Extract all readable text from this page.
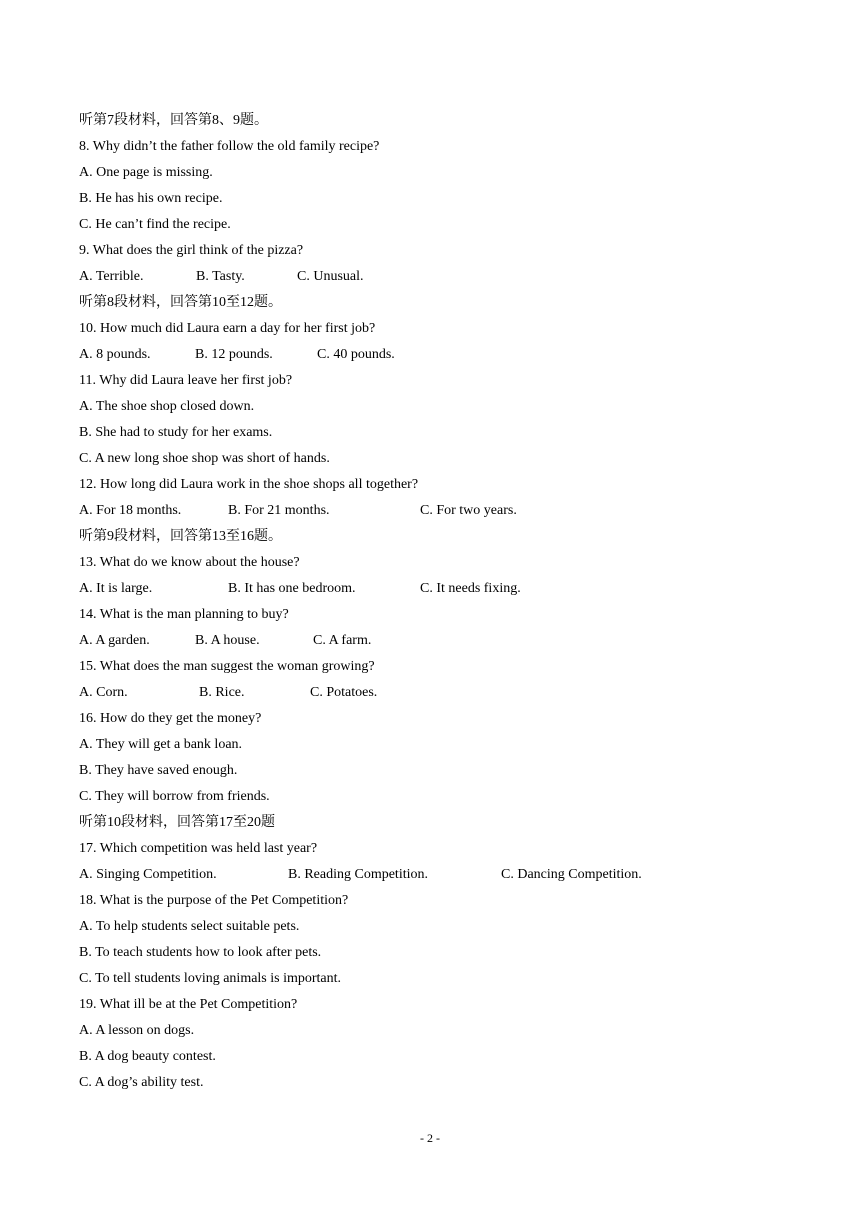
听第7段材料，回答第8、9题。
8. Why didn’t the father follow the old family recipe?
A. One page is missing.
B. He has his own recipe.
C. He can’t find the recipe.
9. What does the girl think of the pizza?
A. Terrible.	B. Tasty.	C. Unusual.
听第8段材料，回答第10至12题。
10. How much did Laura earn a day for her first job?
A. 8 pounds.	B. 12 pounds.	C. 40 pounds.
11. Why did Laura leave her first job?
A. The shoe shop closed down.
B. She had to study for her exams.
C. A new long shoe shop was short of hands.
12. How long did Laura work in the shoe shops all together?
A. For 18 months.	B. For 21 months.	C. For two years.
听第9段材料，回答第13至16题。
13. What do we know about the house?
A. It is large.	B. It has one bedroom.	C. It needs fixing.
14. What is the man planning to buy?
A. A garden.	B. A house.	C. A farm.
15. What does the man suggest the woman growing?
A. Corn.	B. Rice.	C. Potatoes.
16. How do they get the money?
A. They will get a bank loan.
B. They have saved enough.
C. They will borrow from friends.
听第10段材料，回答第17至20题
17. Which competition was held last year?
A. Singing Competition.	B. Reading Competition.	C. Dancing Competition.
18. What is the purpose of the Pet Competition?
A. To help students select suitable pets.
B. To teach students how to look after pets.
C. To tell students loving animals is important.
19. What ill be at the Pet Competition?
A. A lesson on dogs.
B. A dog beauty contest.
C. A dog’s ability test.
- 2 -
